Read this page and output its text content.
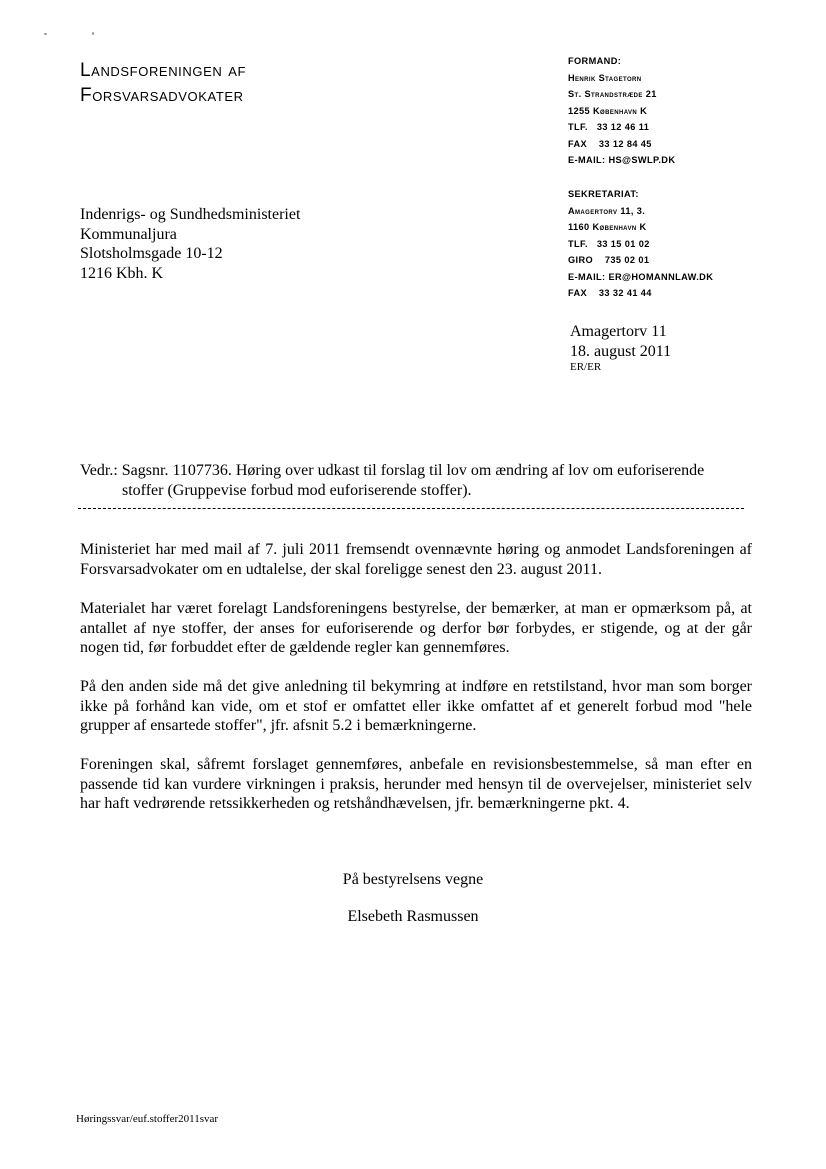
Landsforeningen af
Forsvarsadvokater
FORMAND:
Henrik Stagetorn
St. Strandstræde 21
1255 København K
TLF.   33 12 46 11
FAX    33 12 84 45
E-MAIL: HS@SWLP.DK
SEKRETARIAT:
Amagertorv 11, 3.
1160 København K
TLF.   33 15 01 02
GIRO    735 02 01
E-MAIL: ER@HOMANNLAW.DK
FAX    33 32 41 44
Indenrigs- og Sundhedsministeriet
Kommunaljura
Slotsholmsgade 10-12
1216 Kbh. K
Amagertorv 11
18. august 2011
ER/ER
Vedr.: Sagsnr. 1107736. Høring over udkast til forslag til lov om ændring af lov om euforiserende
stoffer (Gruppevise forbud mod euforiserende stoffer).
Ministeriet har med mail af 7. juli 2011 fremsendt ovennævnte høring og anmodet Landsforeningen af Forsvarsadvokater om en udtalelse, der skal foreligge senest den 23. august 2011.
Materialet har været forelagt Landsforeningens bestyrelse, der bemærker, at man er opmærksom på, at antallet af nye stoffer, der anses for euforiserende og derfor bør forbydes, er stigende, og at der går nogen tid, før forbuddet efter de gældende regler kan gennemføres.
På den anden side må det give anledning til bekymring at indføre en retstilstand, hvor man som borger ikke på forhånd kan vide, om et stof er omfattet eller ikke omfattet af et generelt forbud mod "hele grupper af ensartede stoffer", jfr. afsnit 5.2 i bemærkningerne.
Foreningen skal, såfremt forslaget gennemføres, anbefale en revisionsbestemmelse, så man efter en passende tid kan vurdere virkningen i praksis, herunder med hensyn til de overvejelser, ministeriet selv har haft vedrørende retssikkerheden og retshåndhævelsen, jfr. bemærkningerne pkt. 4.
På bestyrelsens vegne
Elsebeth Rasmussen
Høringssvar/euf.stoffer2011svar
